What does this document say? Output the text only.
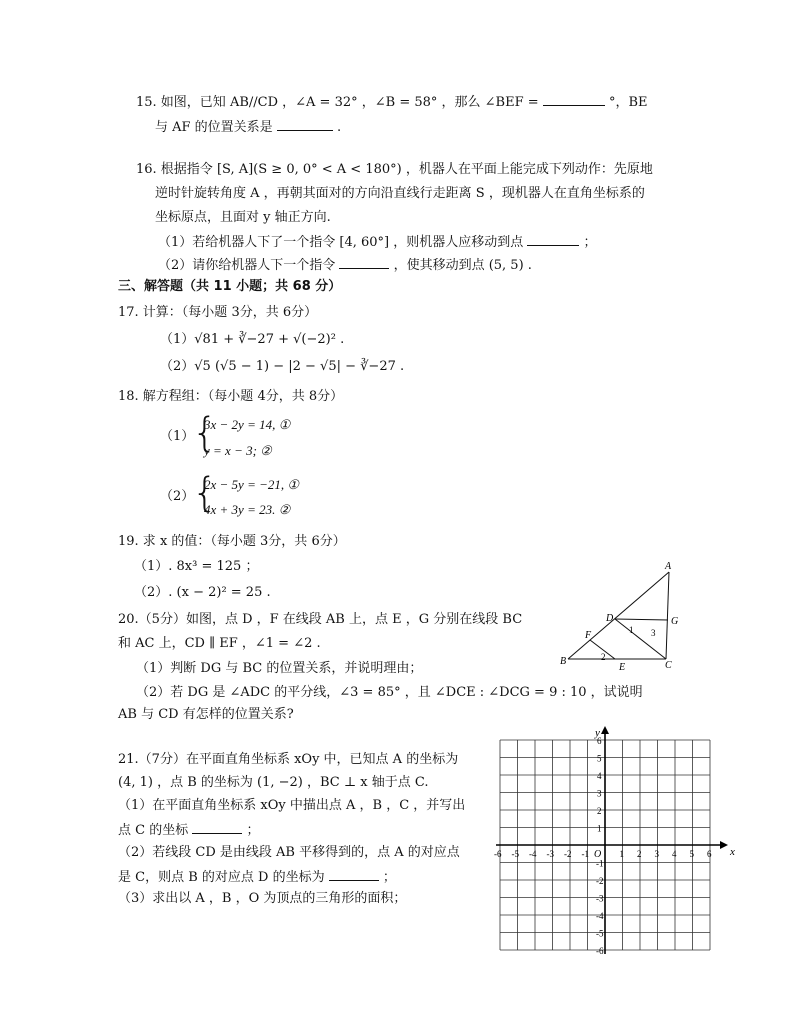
15. 如图，已知 AB//CD ，∠A = 32° ，∠B = 58° ，那么 ∠BEF =	°，BE
与 AF 的位置关系是	.
16. 根据指令 [S, A](S ≥ 0, 0° < A < 180°) ，机器人在平面上能完成下列动作：先原地
逆时针旋转角度 A ，再朝其面对的方向沿直线行走距离 S ，现机器人在直角坐标系的
坐标原点，且面对 y 轴正方向.
（1）若给机器人下了一个指令 [4, 60°] ，则机器人应移动到点	；
（2）请你给机器人下一个指令	，使其移动到点 (5, 5) .
三、解答题（共 11 小题；共 68 分）
17. 计算：（每小题 3分，共 6分）
（1）√81 + ∛−27 + √(−2)² .
（2）√5 (√5 − 1) − |2 − √5| − ∛−27 .
18. 解方程组：（每小题 4分，共 8分）
（1）
{
3x − 2y = 14, ①
y = x − 3; ②
（2）
{
2x − 5y = −21, ①
4x + 3y = 23. ②
19. 求 x 的值：（每小题 3分，共 6分）
（1）. 8x³ = 125 ；
（2）. (x − 2)² = 25 .
20.（5分）如图，点 D ，F 在线段 AB 上，点 E ，G 分别在线段 BC
和 AC 上，CD ∥ EF ，∠1 = ∠2 .
（1）判断 DG 与 BC 的位置关系，并说明理由；
（2）若 DG 是 ∠ADC 的平分线，∠3 = 85° ，且 ∠DCE : ∠DCG = 9 : 10 ，试说明
AB 与 CD 有怎样的位置关系?
A
D	G
F	1 3
2
B
E	C
21.（7分）在平面直角坐标系 xOy 中，已知点 A 的坐标为
(4, 1) ，点 B 的坐标为 (1, −2) ，BC ⊥ x 轴于点 C.
（1）在平面直角坐标系 xOy 中描出点 A ，B ，C ，并写出
点 C 的坐标	；
（2）若线段 CD 是由线段 AB 平移得到的，点 A 的对应点
是 C，则点 B 的对应点 D 的坐标为	；
（3）求出以 A ，B ，O 为顶点的三角形的面积；
x
y
O
-6 -5 -4 -3 -2 -1	1 2 3 4 5 6
6
5
4
3
2
1
-1
-2
-3
-4
-5
-6
